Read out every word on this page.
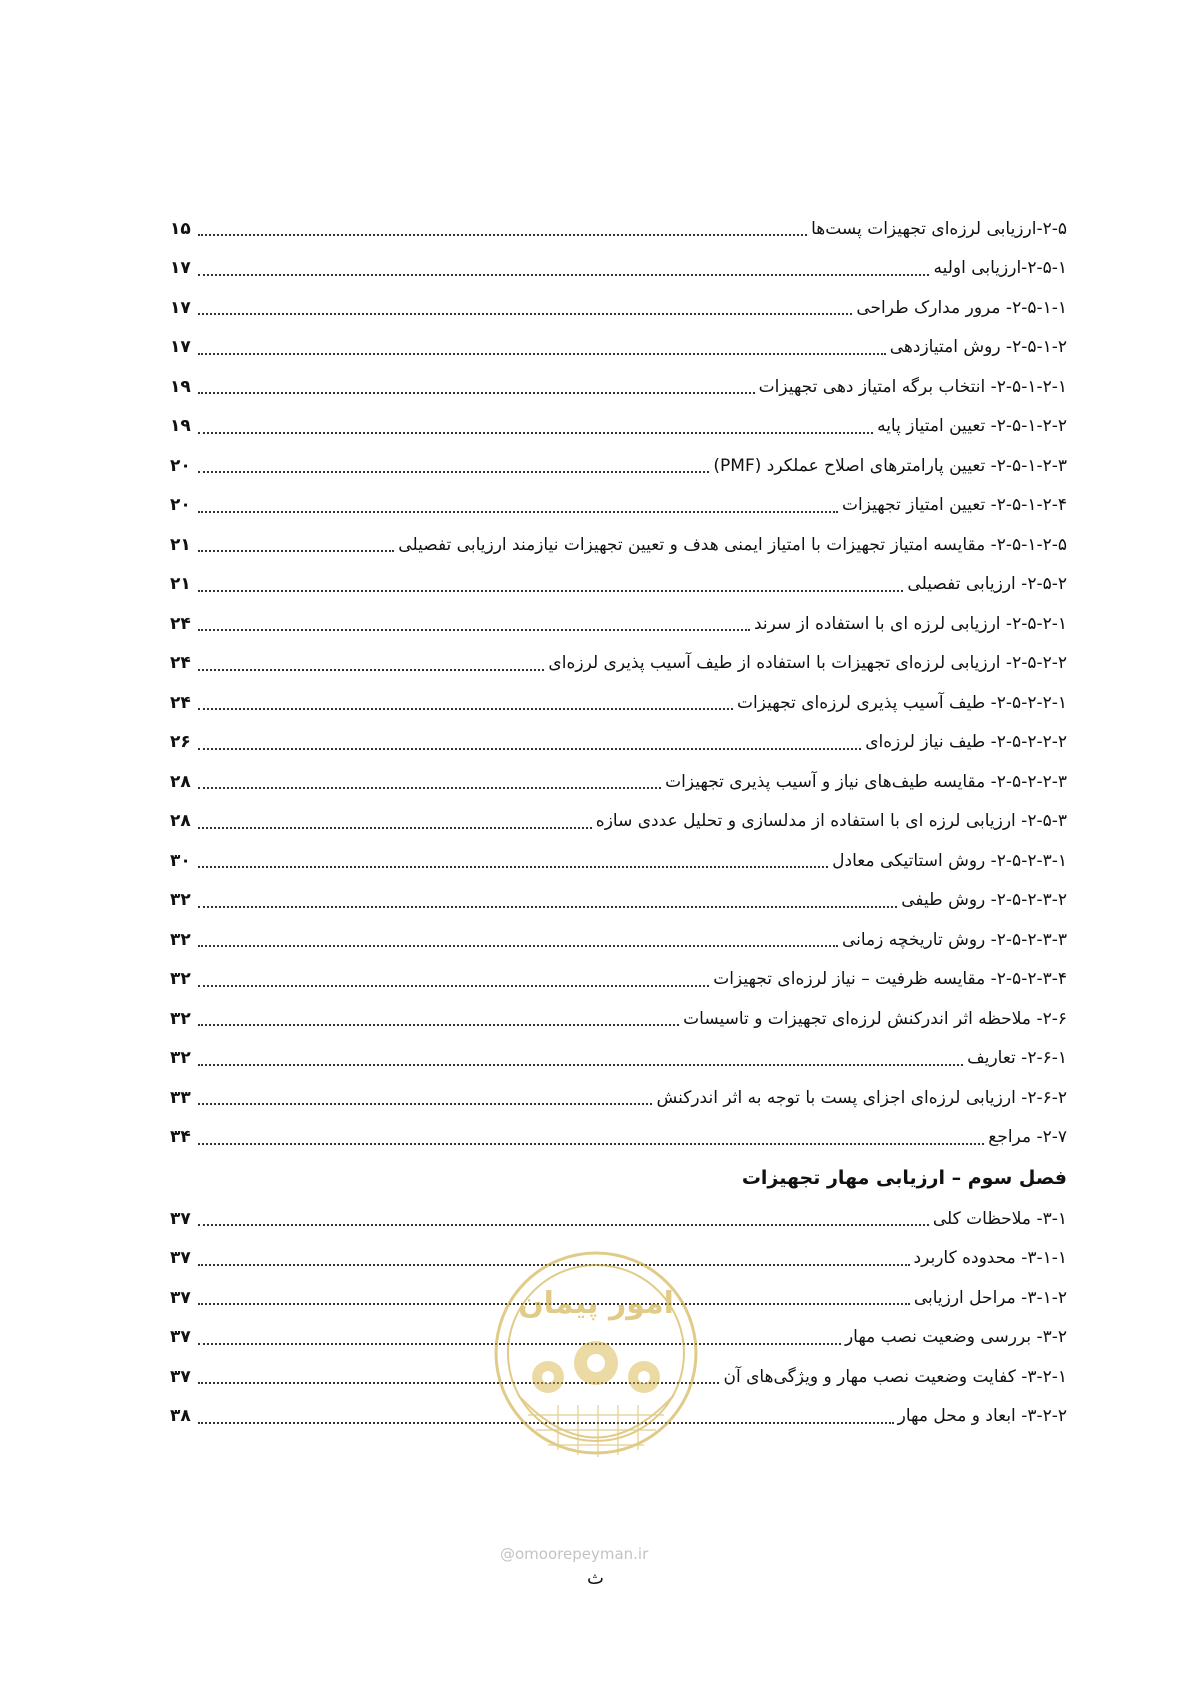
۲-۵-ارزیابی لرزه‌ای تجهیزات پست‌ها
۱۵
۲-۵-۱-ارزیابی اولیه
۱۷
۲-۵-۱-۱- مرور مدارک طراحی
۱۷
۲-۵-۱-۲- روش امتیازدهی
۱۷
۲-۵-۱-۲-۱- انتخاب برگه امتیاز دهی تجهیزات
۱۹
۲-۵-۱-۲-۲- تعیین امتیاز پایه
۱۹
۲-۵-۱-۲-۳- تعیین پارامترهای اصلاح عملکرد (PMF)
۲۰
۲-۵-۱-۲-۴- تعیین امتیاز تجهیزات
۲۰
۲-۵-۱-۲-۵- مقایسه امتیاز تجهیزات با امتیاز ایمنی هدف و تعیین تجهیزات نیازمند ارزیابی تفصیلی
۲۱
۲-۵-۲- ارزیابی تفصیلی
۲۱
۲-۵-۲-۱- ارزیابی لرزه ای با استفاده از سرند
۲۴
۲-۵-۲-۲- ارزیابی لرزه‌ای تجهیزات با استفاده از طیف آسیب پذیری لرزه‌ای
۲۴
۲-۵-۲-۲-۱- طیف آسیب پذیری لرزه‌ای تجهیزات
۲۴
۲-۵-۲-۲-۲- طیف نیاز لرزه‌ای
۲۶
۲-۵-۲-۲-۳- مقایسه طیف‌های نیاز و آسیب پذیری تجهیزات
۲۸
۲-۵-۳- ارزیابی لرزه ای با استفاده از مدلسازی و تحلیل عددی سازه
۲۸
۲-۵-۲-۳-۱- روش استاتیکی معادل
۳۰
۲-۵-۲-۳-۲- روش طیفی
۳۲
۲-۵-۲-۳-۳- روش تاریخچه زمانی
۳۲
۲-۵-۲-۳-۴- مقایسه ظرفیت – نیاز لرزه‌ای تجهیزات
۳۲
۲-۶- ملاحظه اثر اندرکنش لرزه‌ای تجهیزات و تاسیسات
۳۲
۲-۶-۱- تعاریف
۳۲
۲-۶-۲- ارزیابی لرزه‌ای اجزای پست با توجه به اثر اندرکنش
۳۳
۲-۷- مراجع
۳۴
فصل سوم – ارزیابی مهار تجهیزات
۳-۱- ملاحظات کلی
۳۷
۳-۱-۱- محدوده کاربرد
۳۷
۳-۱-۲- مراحل ارزیابی
۳۷
۳-۲- بررسی وضعیت نصب مهار
۳۷
۳-۲-۱- کفایت وضعیت نصب مهار و ویژگی‌های آن
۳۷
۳-۲-۲- ابعاد و محل مهار
۳۸
امور پیمان
@omoorepeyman.ir
ث
